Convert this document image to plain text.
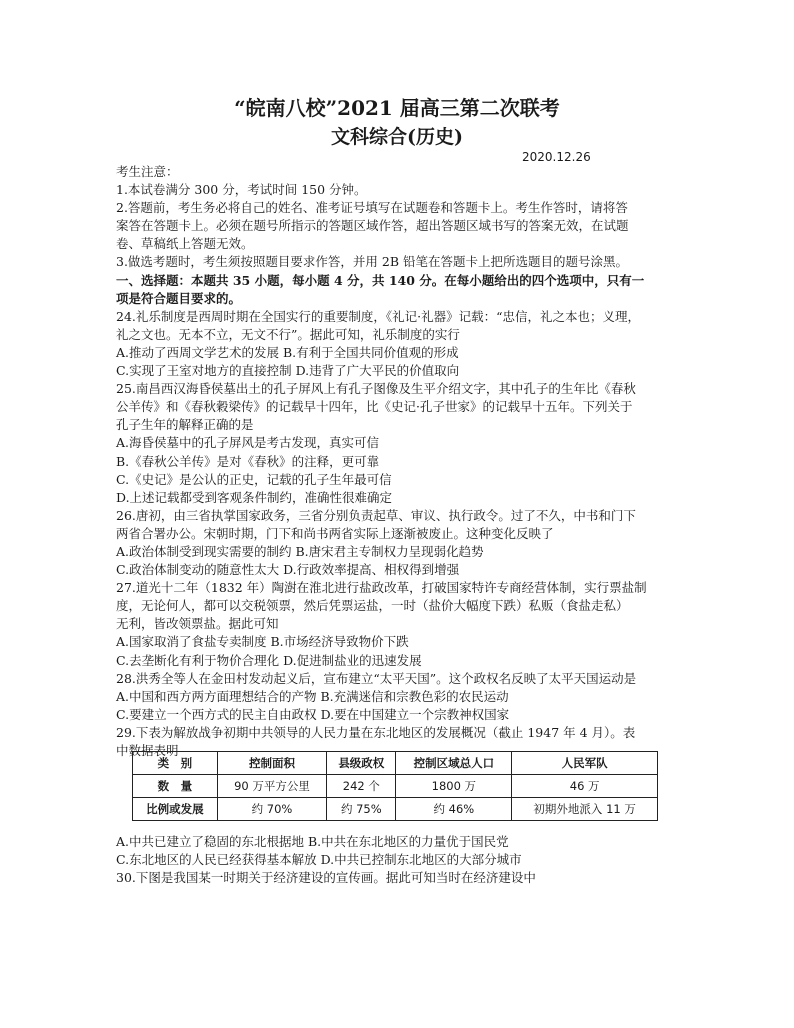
“皖南八校”2021 届高三第二次联考
文科综合(历史)
2020.12.26

考生注意：

1.本试卷满分 300 分，考试时间 150 分钟。

2.答题前，考生务必将自己的姓名、准考证号填写在试题卷和答题卡上。考生作答时，请将答

案答在答题卡上。必须在题号所指示的答题区域作答，超出答题区域书写的答案无效，在试题

卷、草稿纸上答题无效。

3.做选考题时，考生须按照题目要求作答，并用 2B 铅笔在答题卡上把所选题目的题号涂黑。

一、选择题：本题共 35 小题，每小题 4 分，共 140 分。在每小题给出的四个选项中，只有一

项是符合题目要求的。

24.礼乐制度是西周时期在全国实行的重要制度，《礼记·礼器》记载：“忠信，礼之本也；义理，

礼之文也。无本不立，无文不行”。据此可知，礼乐制度的实行

A.推动了西周文学艺术的发展 B.有利于全国共同价值观的形成

C.实现了王室对地方的直接控制 D.违背了广大平民的价值取向

25.南昌西汉海昏侯墓出土的孔子屏风上有孔子图像及生平介绍文字，其中孔子的生年比《春秋

公羊传》和《春秋穀梁传》的记载早十四年，比《史记·孔子世家》的记载早十五年。下列关于

孔子生年的解释正确的是

A.海昏侯墓中的孔子屏风是考古发现，真实可信

B.《春秋公羊传》是对《春秋》的注释，更可靠

C.《史记》是公认的正史，记载的孔子生年最可信

D.上述记载都受到客观条件制约，准确性很难确定

26.唐初，由三省执掌国家政务，三省分别负责起草、审议、执行政令。过了不久，中书和门下

两省合署办公。宋朝时期，门下和尚书两省实际上逐渐被废止。这种变化反映了

A.政治体制受到现实需要的制约 B.唐宋君主专制权力呈现弱化趋势

C.政治体制变动的随意性太大 D.行政效率提高、相权得到增强

27.道光十二年（1832 年）陶澍在淮北进行盐政改革，打破国家特许专商经营体制，实行票盐制

度，无论何人，都可以交税领票，然后凭票运盐，一时（盐价大幅度下跌）私贩（食盐走私）

无利，皆改领票盐。据此可知

A.国家取消了食盐专卖制度 B.市场经济导致物价下跌

C.去垄断化有利于物价合理化 D.促进制盐业的迅速发展

28.洪秀全等人在金田村发动起义后，宣布建立“太平天国”。这个政权名反映了太平天国运动是

A.中国和西方两方面理想结合的产物 B.充满迷信和宗教色彩的农民运动

C.要建立一个西方式的民主自由政权 D.要在中国建立一个宗教神权国家

29.下表为解放战争初期中共领导的人民力量在东北地区的发展概况（截止 1947 年 4 月）。表

中数据表明

类　别	控制面积	县级政权	控制区域总人口	人民军队
数　量	90 万平方公里	242 个	1800 万	46 万
比例或发展	约 70%	约 75%	约 46%	初期外地派入 11 万

A.中共已建立了稳固的东北根据地 B.中共在东北地区的力量优于国民党

C.东北地区的人民已经获得基本解放 D.中共已控制东北地区的大部分城市

30.下图是我国某一时期关于经济建设的宣传画。据此可知当时在经济建设中
